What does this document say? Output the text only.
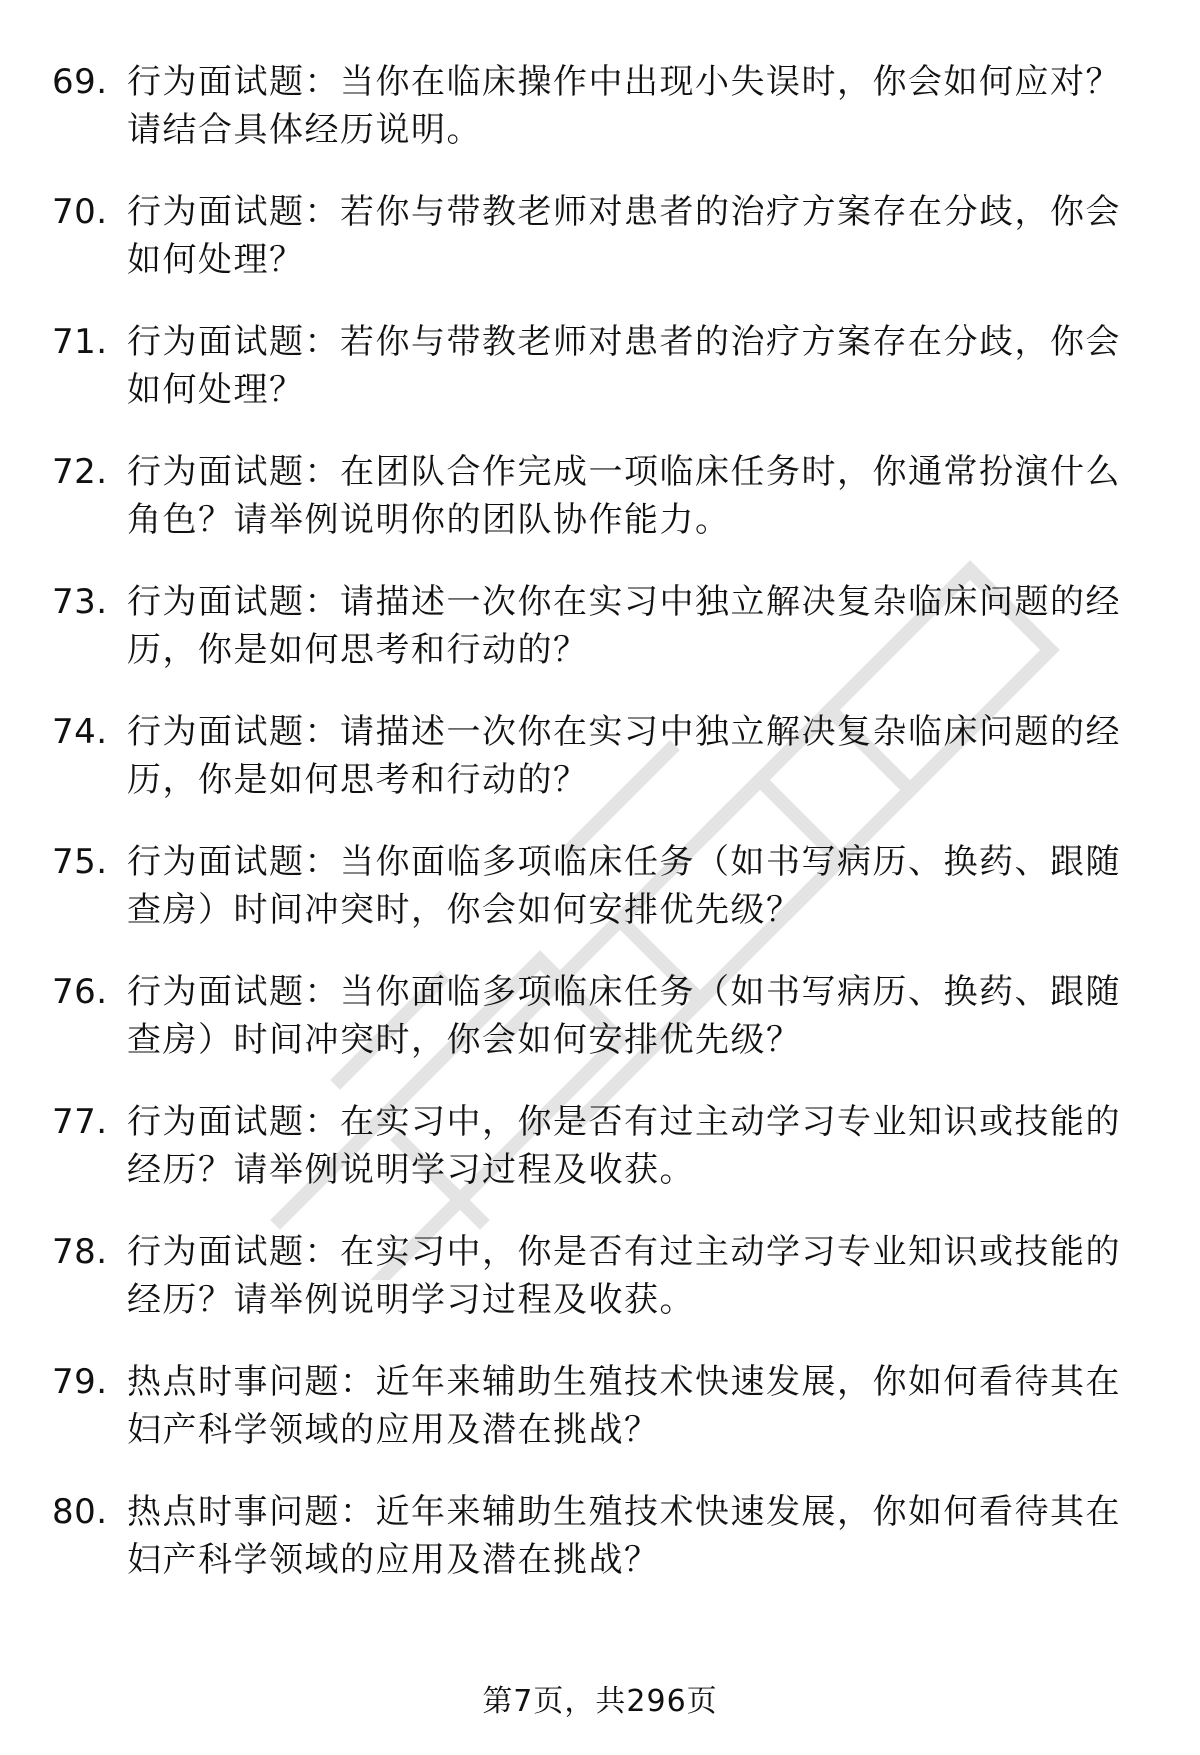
69. 行为面试题：当你在临床操作中出现小失误时，你会如何应对？请结合具体经历说明。
70. 行为面试题：若你与带教老师对患者的治疗方案存在分歧，你会如何处理？
71. 行为面试题：若你与带教老师对患者的治疗方案存在分歧，你会如何处理？
72. 行为面试题：在团队合作完成一项临床任务时，你通常扮演什么角色？请举例说明你的团队协作能力。
73. 行为面试题：请描述一次你在实习中独立解决复杂临床问题的经历，你是如何思考和行动的？
74. 行为面试题：请描述一次你在实习中独立解决复杂临床问题的经历，你是如何思考和行动的？
75. 行为面试题：当你面临多项临床任务（如书写病历、换药、跟随查房）时间冲突时，你会如何安排优先级？
76. 行为面试题：当你面临多项临床任务（如书写病历、换药、跟随查房）时间冲突时，你会如何安排优先级？
77. 行为面试题：在实习中，你是否有过主动学习专业知识或技能的经历？请举例说明学习过程及收获。
78. 行为面试题：在实习中，你是否有过主动学习专业知识或技能的经历？请举例说明学习过程及收获。
79. 热点时事问题：近年来辅助生殖技术快速发展，你如何看待其在妇产科学领域的应用及潜在挑战？
80. 热点时事问题：近年来辅助生殖技术快速发展，你如何看待其在妇产科学领域的应用及潜在挑战？
第7页，共296页
